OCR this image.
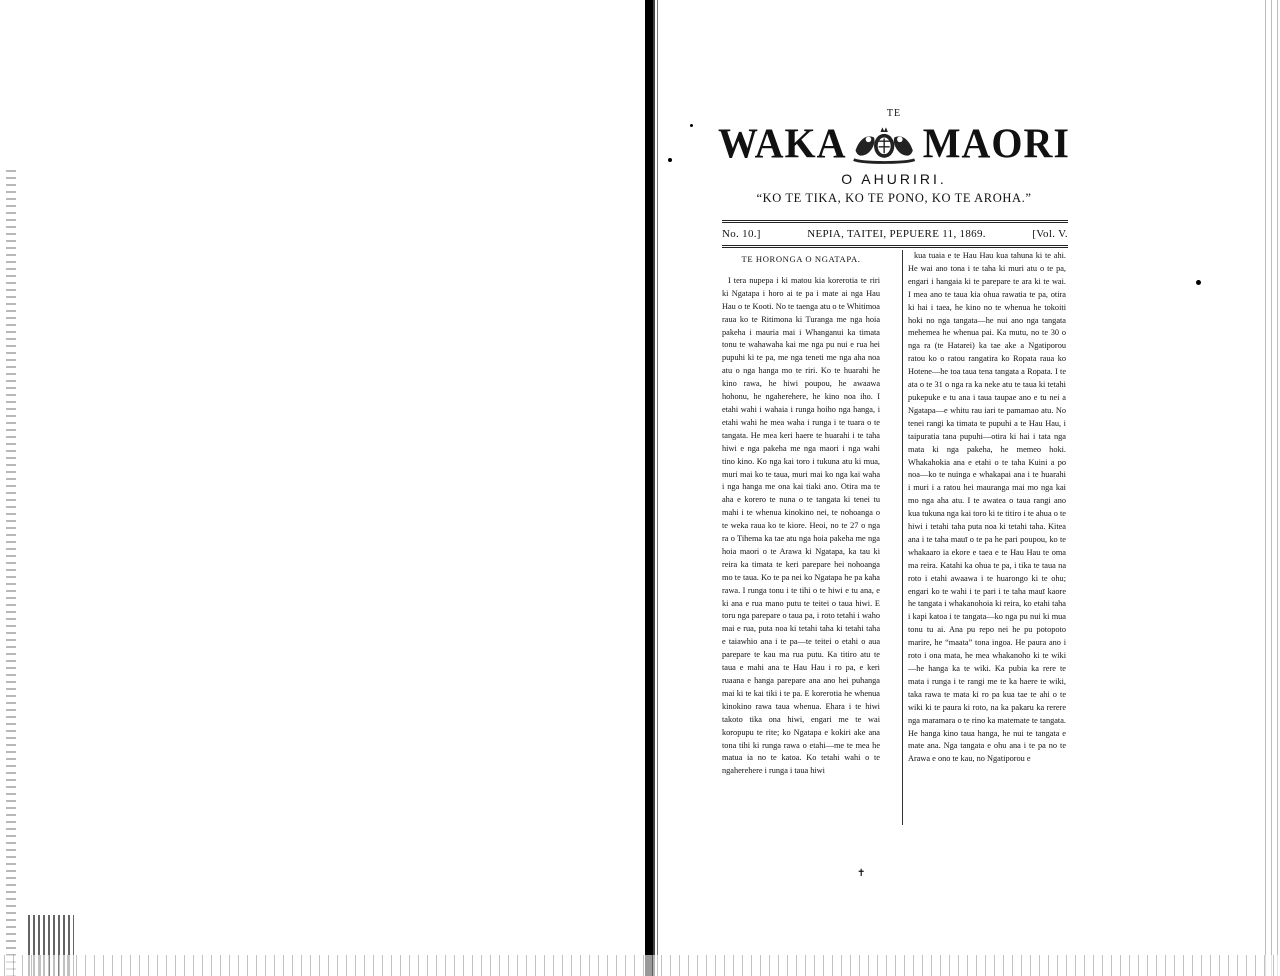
TE
WAKA MAORI
O AHURIRI.
“KO TE TIKA, KO TE PONO, KO TE AROHA.”
No. 10.]	NEPIA, TAITEI, PEPUERE 11, 1869.	[Vol. V.
TE HORONGA O NGATAPA.

I tera nupepa i ki matou kia korerotia te riri ki Ngatapa i horo ai te pa i mate ai nga Hau Hau o te Kooti. No te taenga atu o te Whitimoa raua ko te Ritimona ki Turanga me nga hoia pakeha i mauria mai i Whanganui ka timata tonu te wahawaha kai me nga pu nui e rua hei pupuhi ki te pa, me nga teneti me nga aha noa atu o nga hanga mo te riri. Ko te huarahi he kino rawa, he hiwi poupou, he awaawa hohonu, he ngaherehere, he kino noa iho. I etahi wahi i wahaia i runga hoiho nga hanga, i etahi wahi he mea waha i runga i te tuara o te tangata. He mea keri haere te huarahi i te taha hiwi e nga pakeha me nga maori i nga wahi tino kino. Ko nga kai toro i tukuna atu ki mua, muri mai ko te taua, muri mai ko nga kai waha i nga hanga me ona kai tiaki ano. Otira ma te aha e korero te nuna o te tangata ki tenei tu mahi i te whenua kinokino nei, te nohoanga o te weka raua ko te kiore. Heoi, no te 27 o nga ra o Tihema ka tae atu nga hoia pakeha me nga hoia maori o te Arawa ki Ngatapa, ka tau ki reira ka timata te keri parepare hei nohoanga mo te taua. Ko te pa nei ko Ngatapa he pa kaha rawa. I runga tonu i te tihi o te hiwi e tu ana, e ki ana e rua mano putu te teitei o taua hiwi. E toru nga parepare o taua pa, i roto tetahi i waho mai e rua, puta noa ki tetahi taha ki tetahi taha e taiawhio ana i te pa—te teitei o etahi o aua parepare te kau ma rua putu. Ka titiro atu te taua e mahi ana te Hau Hau i ro pa, e keri ruaana e hanga parepare ana ano hei puhanga mai ki te kai tiki i te pa. E korerotia he whenua kinokino rawa taua whenua. Ehara i te hiwi takoto tika ona hiwi, engari me te wai koropupu te rite; ko Ngatapa e kokiri ake ana tona tihi ki runga rawa o etahi—me te mea he matua ia no te katoa. Ko tetahi wahi o te ngaherehere i runga i taua hiwi

kua tuaia e te Hau Hau kua tahuna ki te ahi. He wai ano tona i te taha ki muri atu o te pa, engari i hangaia ki te parepare te ara ki te wai. I mea ano te taua kia ohua rawatia te pa, otira ki hai i taea, he kino no te whenua he tokoiti hoki no nga tangata—he nui ano nga tangata mehemea he whenua pai. Ka mutu, no te 30 o nga ra (te Hatarei) ka tae ake a Ngatiporou ratou ko o ratou rangatira ko Ropata raua ko Hotene—he toa taua tena tangata a Ropata. I te ata o te 31 o nga ra ka neke atu te taua ki tetahi pukepuke e tu ana i taua taupae ano e tu nei a Ngatapa—e whitu rau iari te pamamao atu. No tenei rangi ka timata te pupuhi a te Hau Hau, i taipuratia tana pupuhi—otira ki hai i tata nga mata ki nga pakeha, he memeo hoki. Whakahokia ana e etahi o te taha Kuini a po noa—ko te nuinga e whakapai ana i te huarahi i muri i a ratou hei mauranga mai mo nga kai mo nga aha atu. I te awatea o taua rangi ano kua tukuna nga kai toro ki te titiro i te ahua o te hiwi i tetahi taha puta noa ki tetahi taha. Kitea ana i te taha mauī o te pa he pari poupou, ko te whakaaro ia ekore e taea e te Hau Hau te oma ma reira. Katahi ka ohua te pa, i tika te taua na roto i etahi awaawa i te huarongo ki te ohu; engari ko te wahi i te pari i te taha mauī kaore he tangata i whakanohoia ki reira, ko etahi taha i kapi katoa i te tangata—ko nga pu nui ki mua tonu tu ai. Ana pu repo nei he pu potopoto marire, he “maata” tona ingoa. He paura ano i roto i ona mata, he mea whakanoho ki te wiki—he hanga ka te wiki. Ka pubia ka rere te mata i runga i te rangi me te ka haere te wiki, taka rawa te mata ki ro pa kua tae te ahi o te wiki ki te paura ki roto, na ka pakaru ka rerere nga maramara o te rino ka matemate te tangata. He hanga kino taua hanga, he nui te tangata e mate ana. Nga tangata e ohu ana i te pa no te Arawa e ono te kau, no Ngatiporou e

✝
